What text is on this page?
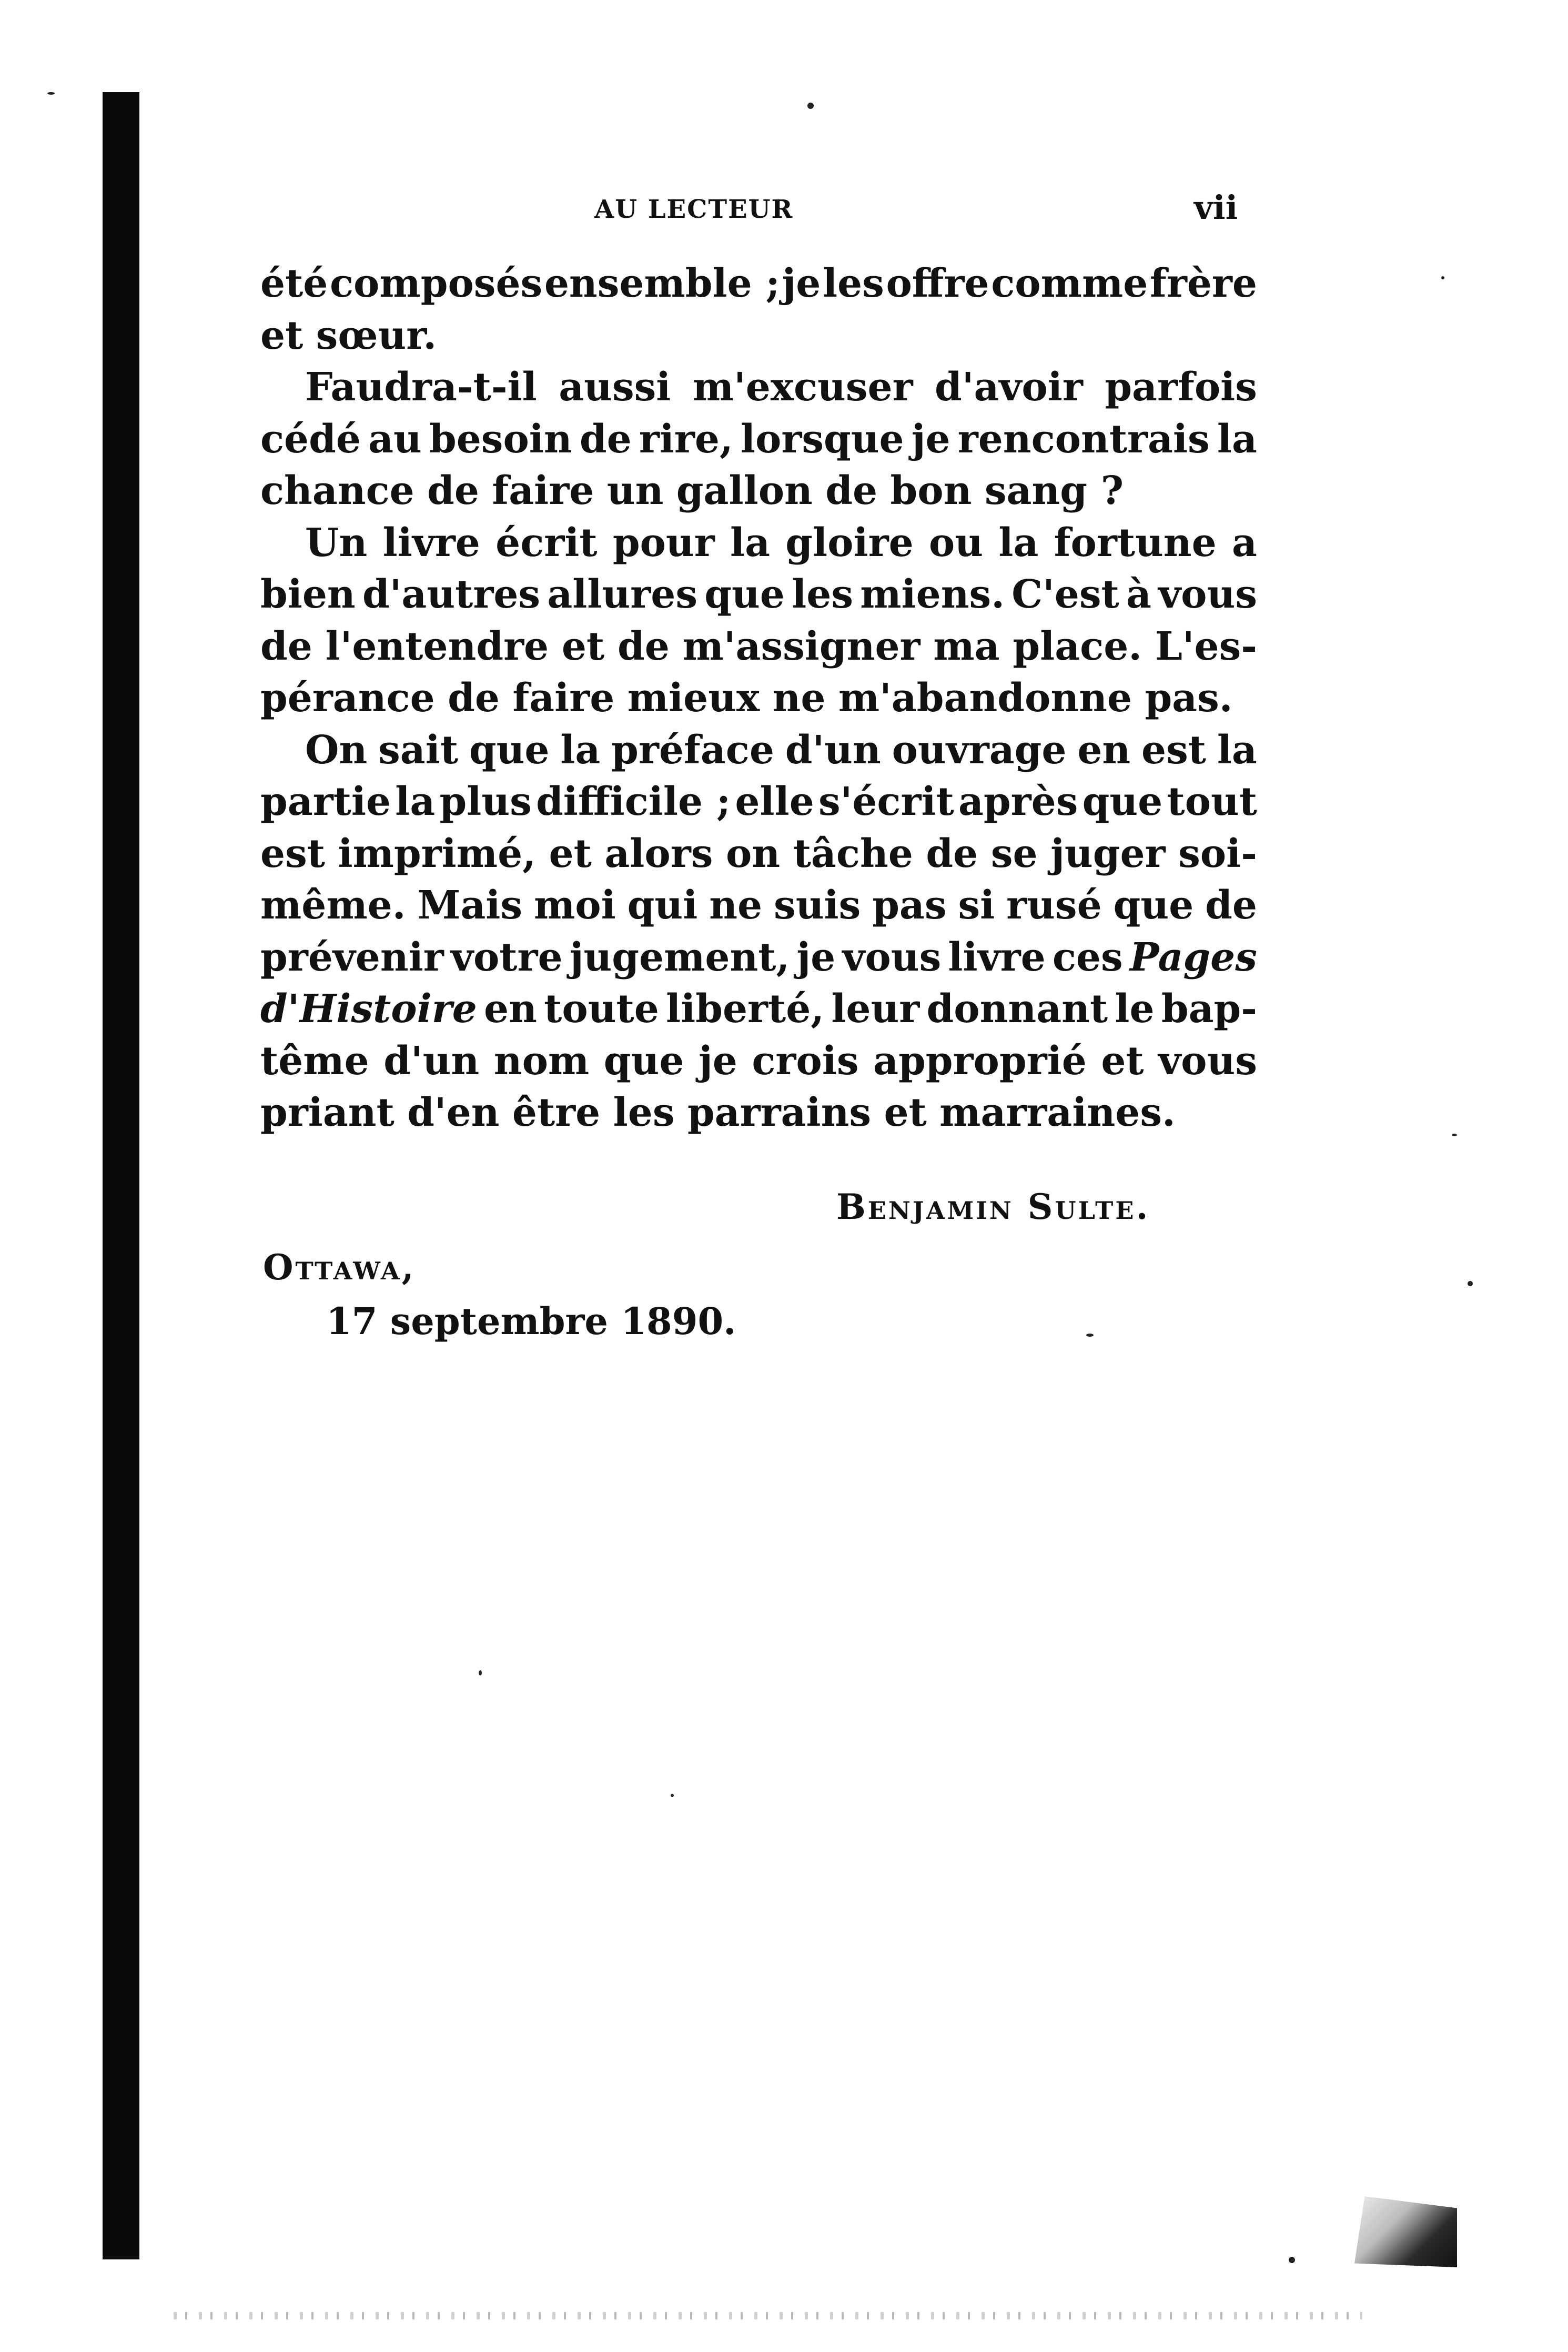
AU LECTEUR	vii
été composés ensemble ; je les offre comme frère
et sœur.
Faudra-t-il aussi m'excuser d'avoir parfois
cédé au besoin de rire, lorsque je rencontrais la
chance de faire un gallon de bon sang ?
Un livre écrit pour la gloire ou la fortune a
bien d'autres allures que les miens. C'est à vous
de l'entendre et de m'assigner ma place. L'es-
pérance de faire mieux ne m'abandonne pas.
On sait que la préface d'un ouvrage en est la
partie la plus difficile ; elle s'écrit après que tout
est imprimé, et alors on tâche de se juger soi-
même. Mais moi qui ne suis pas si rusé que de
prévenir votre jugement, je vous livre ces Pages
d'Histoire en toute liberté, leur donnant le bap-
tême d'un nom que je crois approprié et vous
priant d'en être les parrains et marraines.
Benjamin Sulte.
Ottawa,
17 septembre 1890.
